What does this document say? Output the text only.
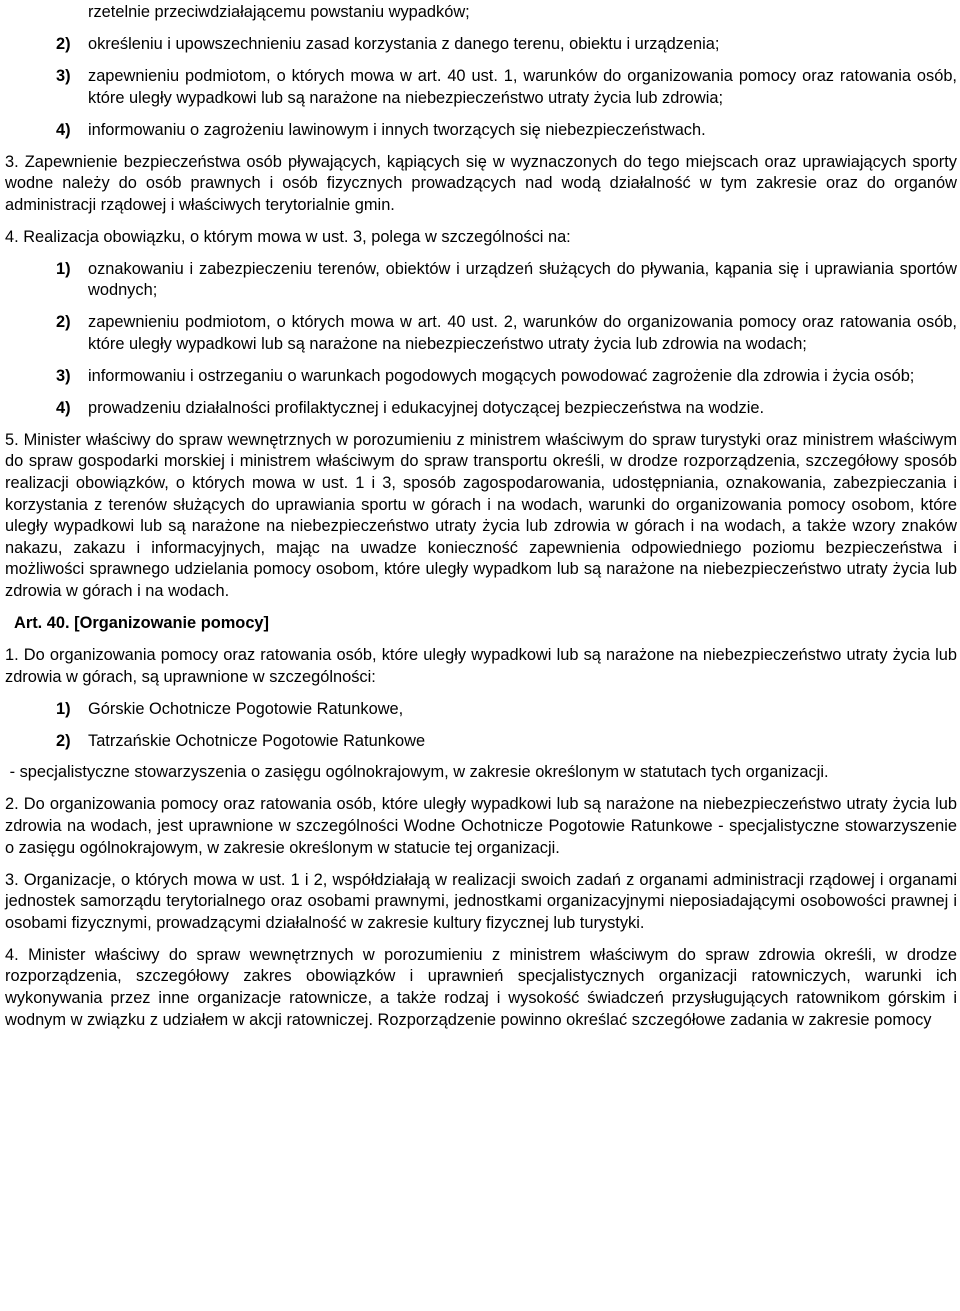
rzetelnie przeciwdziałającemu powstaniu wypadków;

2) określeniu i upowszechnieniu zasad korzystania z danego terenu, obiektu i urządzenia;
3) zapewnieniu podmiotom, o których mowa w art. 40 ust. 1, warunków do organizowania pomocy oraz ratowania osób, które uległy wypadkowi lub są narażone na niebezpieczeństwo utraty życia lub zdrowia;
4) informowaniu o zagrożeniu lawinowym i innych tworzących się niebezpieczeństwach.

3. Zapewnienie bezpieczeństwa osób pływających, kąpiących się w wyznaczonych do tego miejscach oraz uprawiających sporty wodne należy do osób prawnych i osób fizycznych prowadzących nad wodą działalność w tym zakresie oraz do organów administracji rządowej i właściwych terytorialnie gmin.

4. Realizacja obowiązku, o którym mowa w ust. 3, polega w szczególności na:

1) oznakowaniu i zabezpieczeniu terenów, obiektów i urządzeń służących do pływania, kąpania się i uprawiania sportów wodnych;
2) zapewnieniu podmiotom, o których mowa w art. 40 ust. 2, warunków do organizowania pomocy oraz ratowania osób, które uległy wypadkowi lub są narażone na niebezpieczeństwo utraty życia lub zdrowia na wodach;
3) informowaniu i ostrzeganiu o warunkach pogodowych mogących powodować zagrożenie dla zdrowia i życia osób;
4) prowadzeniu działalności profilaktycznej i edukacyjnej dotyczącej bezpieczeństwa na wodzie.

5. Minister właściwy do spraw wewnętrznych w porozumieniu z ministrem właściwym do spraw turystyki oraz ministrem właściwym do spraw gospodarki morskiej i ministrem właściwym do spraw transportu określi, w drodze rozporządzenia, szczegółowy sposób realizacji obowiązków, o których mowa w ust. 1 i 3, sposób zagospodarowania, udostępniania, oznakowania, zabezpieczania i korzystania z terenów służących do uprawiania sportu w górach i na wodach, warunki do organizowania pomocy osobom, które uległy wypadkowi lub są narażone na niebezpieczeństwo utraty życia lub zdrowia w górach i na wodach, a także wzory znaków nakazu, zakazu i informacyjnych, mając na uwadze konieczność zapewnienia odpowiedniego poziomu bezpieczeństwa i możliwości sprawnego udzielania pomocy osobom, które uległy wypadkom lub są narażone na niebezpieczeństwo utraty życia lub zdrowia w górach i na wodach.

Art. 40. [Organizowanie pomocy]

1. Do organizowania pomocy oraz ratowania osób, które uległy wypadkowi lub są narażone na niebezpieczeństwo utraty życia lub zdrowia w górach, są uprawnione w szczególności:

1) Górskie Ochotnicze Pogotowie Ratunkowe,
2) Tatrzańskie Ochotnicze Pogotowie Ratunkowe

- specjalistyczne stowarzyszenia o zasięgu ogólnokrajowym, w zakresie określonym w statutach tych organizacji.

2. Do organizowania pomocy oraz ratowania osób, które uległy wypadkowi lub są narażone na niebezpieczeństwo utraty życia lub zdrowia na wodach, jest uprawnione w szczególności Wodne Ochotnicze Pogotowie Ratunkowe - specjalistyczne stowarzyszenie o zasięgu ogólnokrajowym, w zakresie określonym w statucie tej organizacji.

3. Organizacje, o których mowa w ust. 1 i 2, współdziałają w realizacji swoich zadań z organami administracji rządowej i organami jednostek samorządu terytorialnego oraz osobami prawnymi, jednostkami organizacyjnymi nieposiadającymi osobowości prawnej i osobami fizycznymi, prowadzącymi działalność w zakresie kultury fizycznej lub turystyki.

4. Minister właściwy do spraw wewnętrznych w porozumieniu z ministrem właściwym do spraw zdrowia określi, w drodze rozporządzenia, szczegółowy zakres obowiązków i uprawnień specjalistycznych organizacji ratowniczych, warunki ich wykonywania przez inne organizacje ratownicze, a także rodzaj i wysokość świadczeń przysługujących ratownikom górskim i wodnym w związku z udziałem w akcji ratowniczej. Rozporządzenie powinno określać szczegółowe zadania w zakresie pomocy
